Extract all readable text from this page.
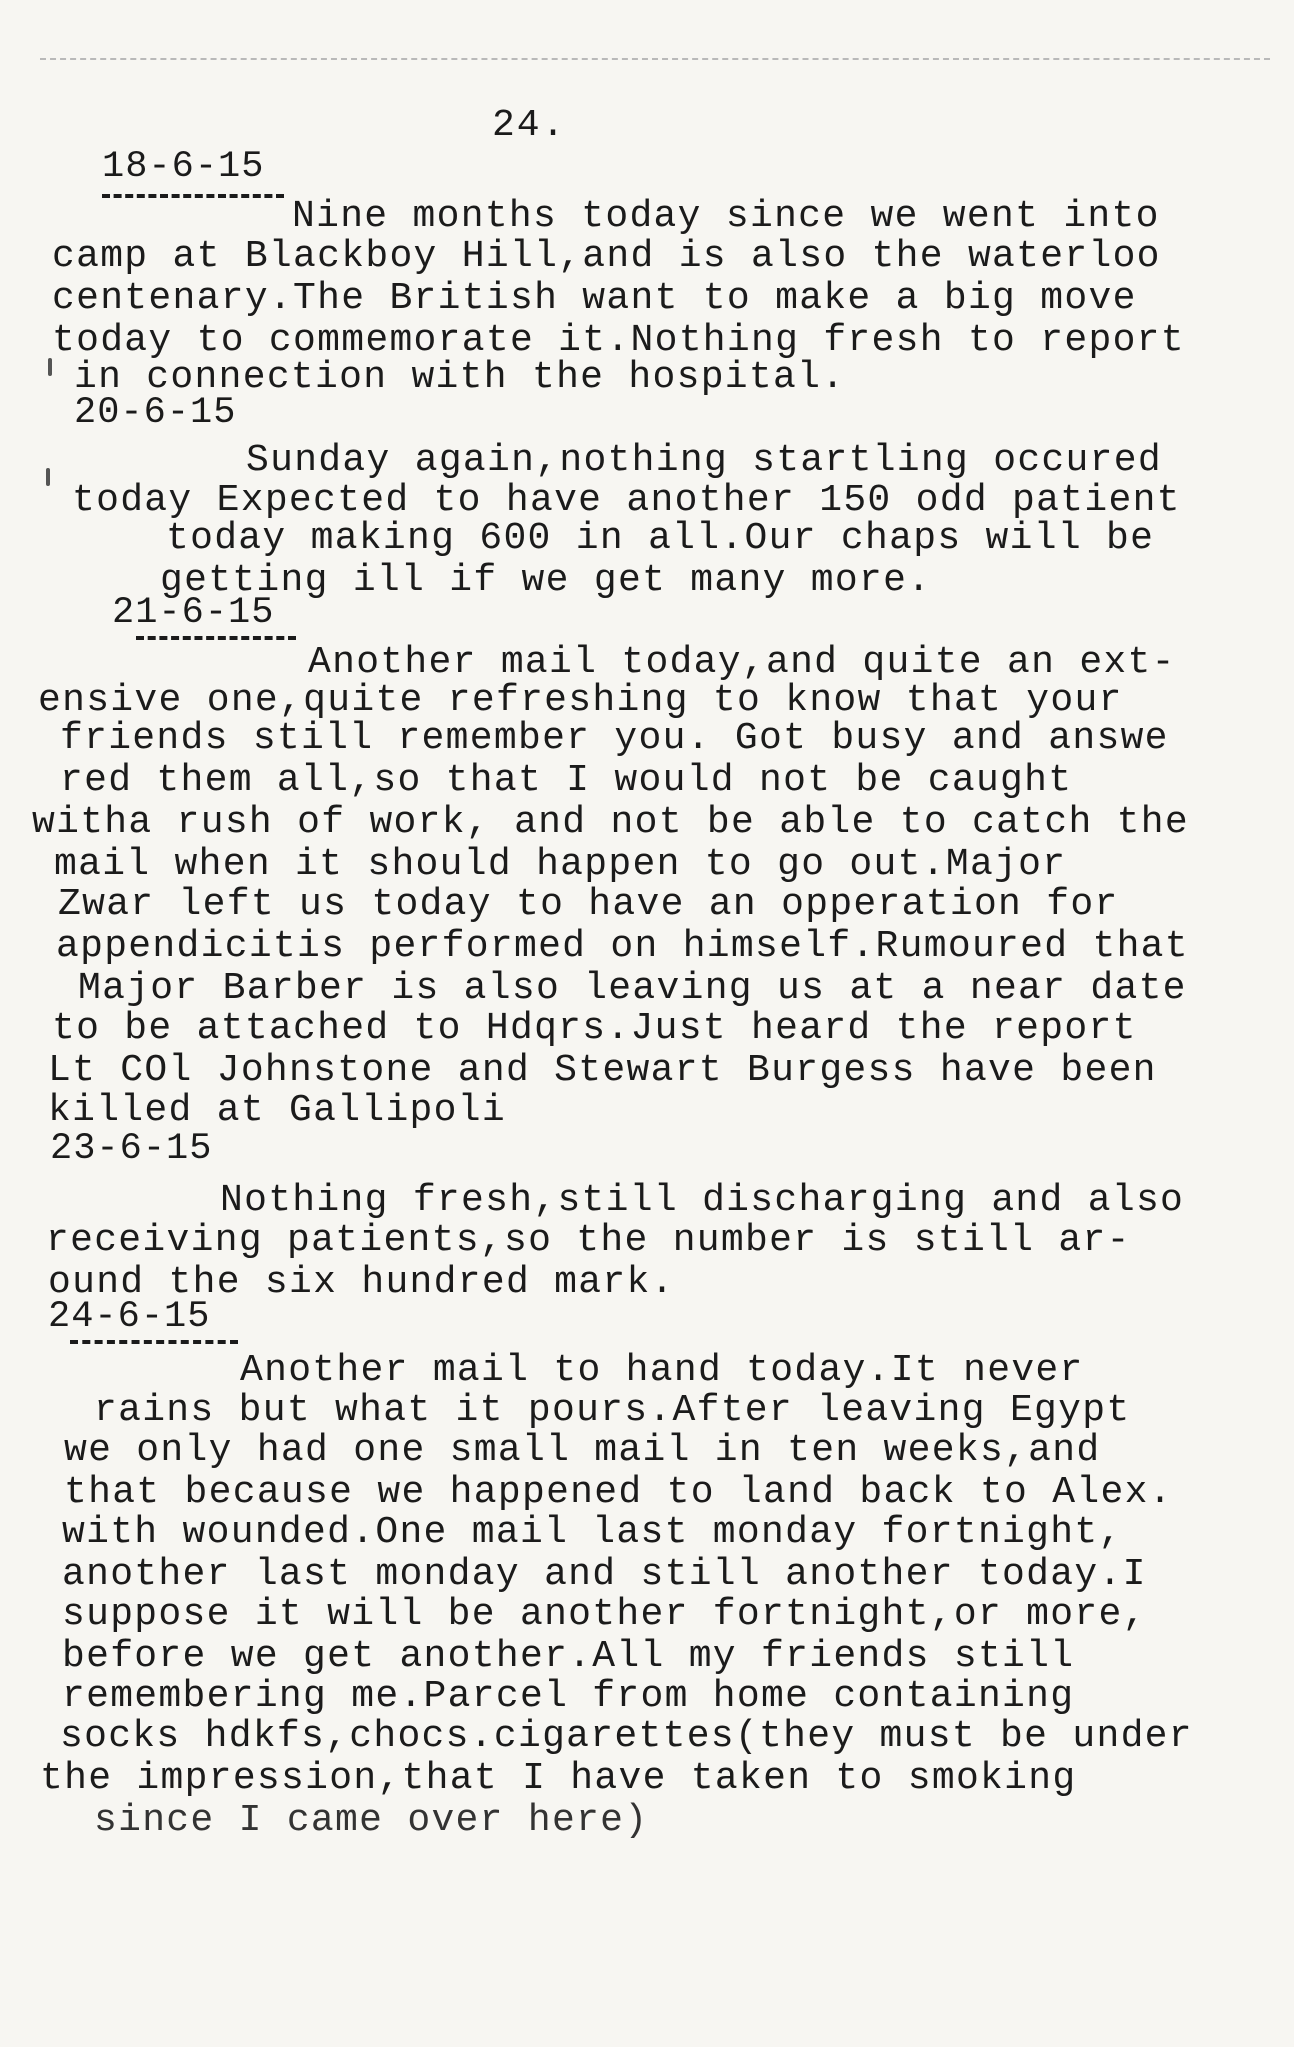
24.
18-6-15
Nine months today since we went into
camp at Blackboy Hill,and is also the waterloo
centenary.The British want to make a big move
today to commemorate it.Nothing fresh to report
in connection with the hospital.
20-6-15
Sunday again,nothing startling occured
today Expected to have another 150 odd patient
today making 600 in all.Our chaps will be
getting ill if we get many more.
21-6-15
Another mail today,and quite an ext-
ensive one,quite refreshing to know that your
friends still remember you. Got busy and answe
red them all,so that I would not be caught
witha rush of work, and not be able to catch the
mail when it should happen to go out.Major
Zwar left us today to have an opperation for
appendicitis performed on himself.Rumoured that
Major Barber is also leaving us at a near date
to be attached to Hdqrs.Just heard the report
Lt COl Johnstone and Stewart Burgess have been
killed at Gallipoli
23-6-15
Nothing fresh,still discharging and also
receiving patients,so the number is still ar-
ound the six hundred mark.
24-6-15
Another mail to hand today.It never
rains but what it pours.After leaving Egypt
we only had one small mail in ten weeks,and
that because we happened to land back to Alex.
with wounded.One mail last monday fortnight,
another last monday and still another today.I
suppose it will be another fortnight,or more,
before we get another.All my friends still
remembering me.Parcel from home containing
socks hdkfs,chocs.cigarettes(they must be under
the impression,that I have taken to smoking
since I came over here)
